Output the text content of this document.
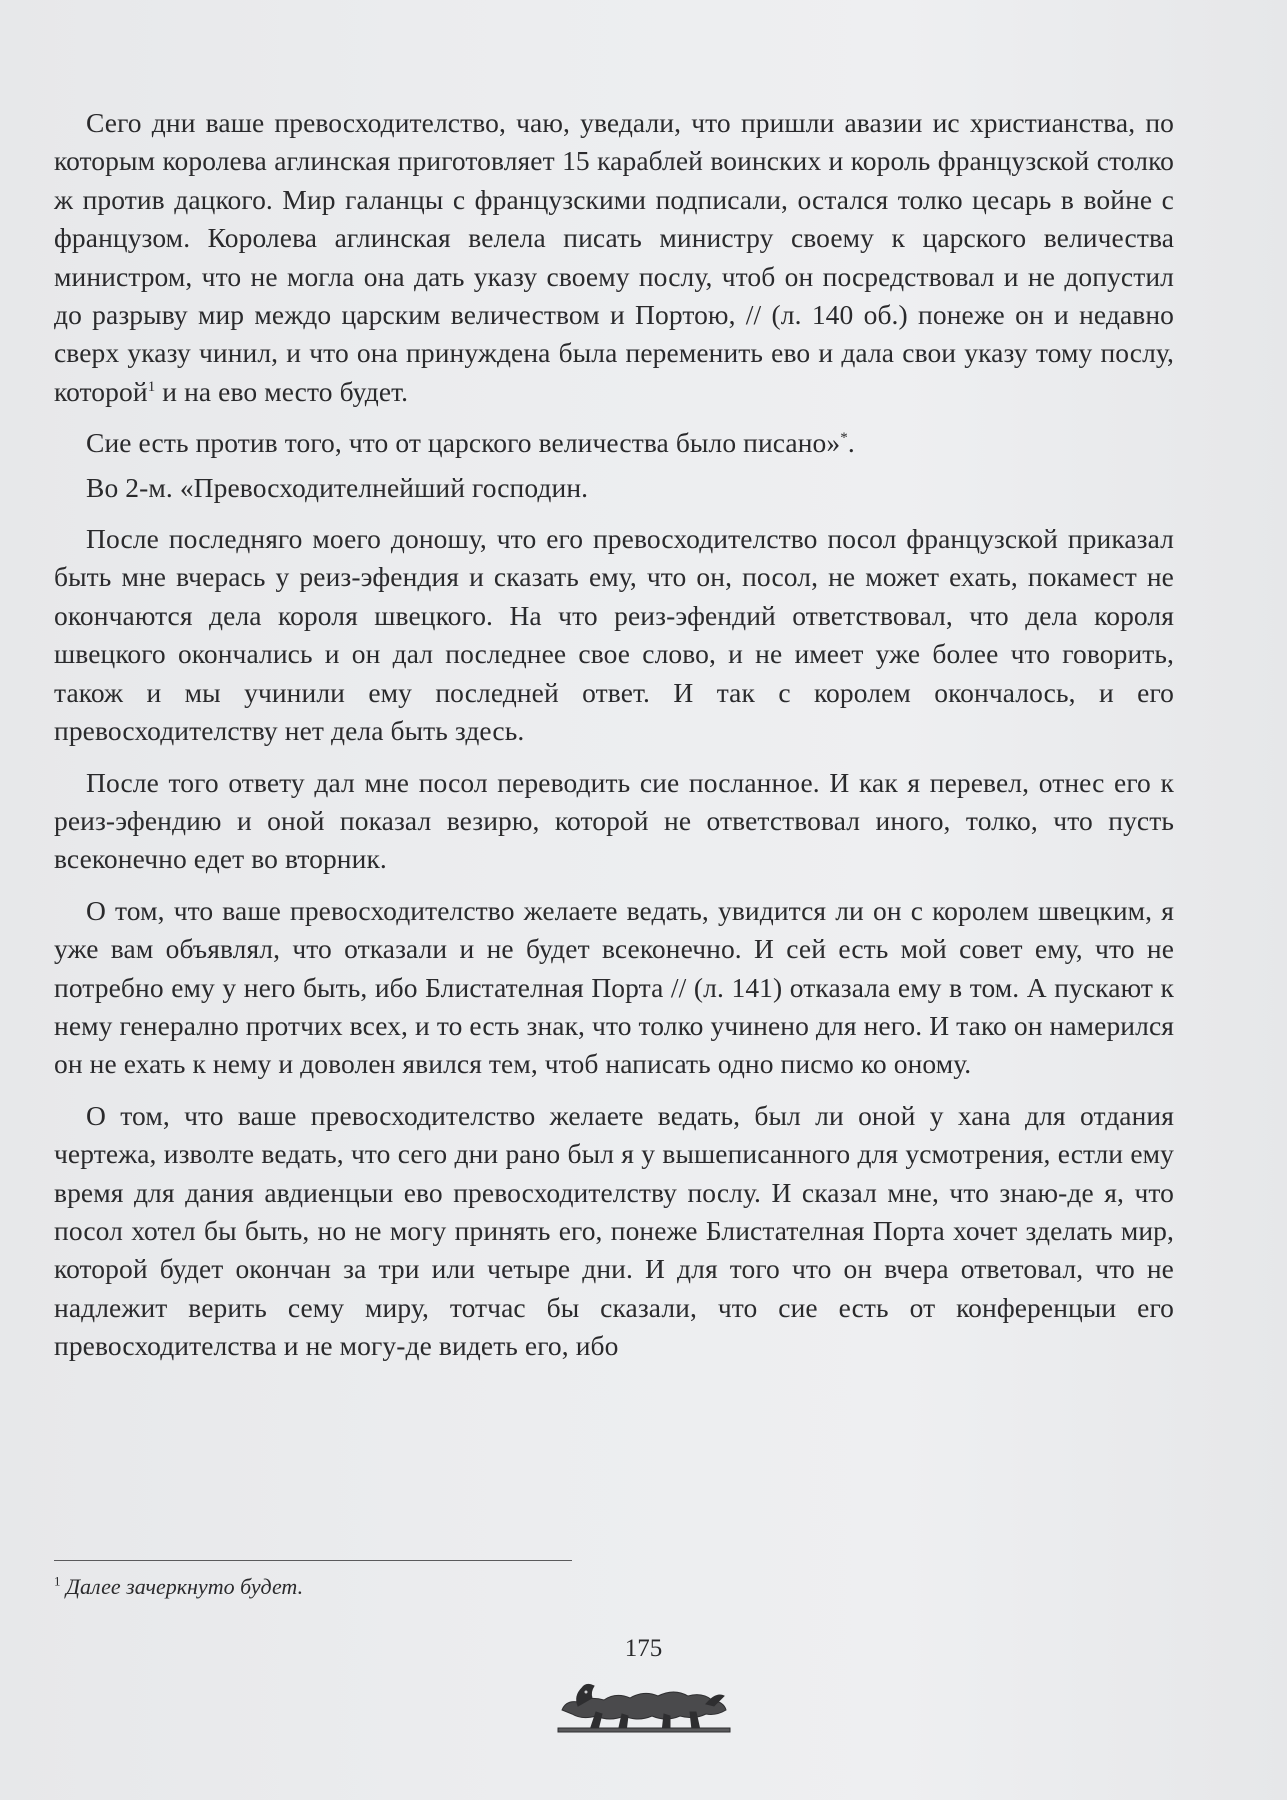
Сего дни ваше превосходителство, чаю, уведали, что пришли авазии ис христианства, по которым королева аглинская приготовляет 15 караблей воинских и король французской столко ж против дацкого. Мир галанцы с французскими подписали, остался толко цесарь в войне с французом. Королева аглинская велела писать министру своему к царского величества министром, что не могла она дать указу своему послу, чтоб он посредствовал и не допустил до разрыву мир междо царским величеством и Портою, // (л. 140 об.) понеже он и недавно сверх указу чинил, и что она принуждена была переменить ево и дала свои указу тому послу, которой$^1$ и на ево место будет.

Сие есть против того, что от царского величества было писано»*.

Во 2-м. «Превосходителнейший господин.

После последняго моего доношу, что его превосходителство посол французской приказал быть мне вчерась у реиз-эфендия и сказать ему, что он, посол, не может ехать, покамест не окончаются дела короля швецкого. На что реиз-эфендий ответствовал, что дела короля швецкого окончались и он дал последнее свое слово, и не имеет уже более что говорить, також и мы учинили ему последней ответ. И так с королем окончалось, и его превосходителству нет дела быть здесь.

После того ответу дал мне посол переводить сие посланное. И как я перевел, отнес его к реиз-эфендию и оной показал везирю, которой не ответствовал иного, толко, что пусть всеконечно едет во вторник.

О том, что ваше превосходителство желаете ведать, увидится ли он с королем швецким, я уже вам объявлял, что отказали и не будет всеконечно. И сей есть мой совет ему, что не потребно ему у него быть, ибо Блистателная Порта // (л. 141) отказала ему в том. А пускают к нему генерално протчих всех, и то есть знак, что толко учинено для него. И тако он намерился он не ехать к нему и доволен явился тем, чтоб написать одно писмо ко оному.

О том, что ваше превосходителство желаете ведать, был ли оной у хана для отдания чертежа, изволте ведать, что сего дни рано был я у вышеписанного для усмотрения, естли ему время для дания авдиенцыи ево превосходителству послу. И сказал мне, что знаю-де я, что посол хотел бы быть, но не могу принять его, понеже Блистателная Порта хочет зделать мир, которой будет окончан за три или четыре дни. И для того что он вчера ответовал, что не надлежит верить сему миру, тотчас бы сказали, что сие есть от конференцыи его превосходителства и не могу-де видеть его, ибо

$^1$ Далее зачеркнуто будет.
175
